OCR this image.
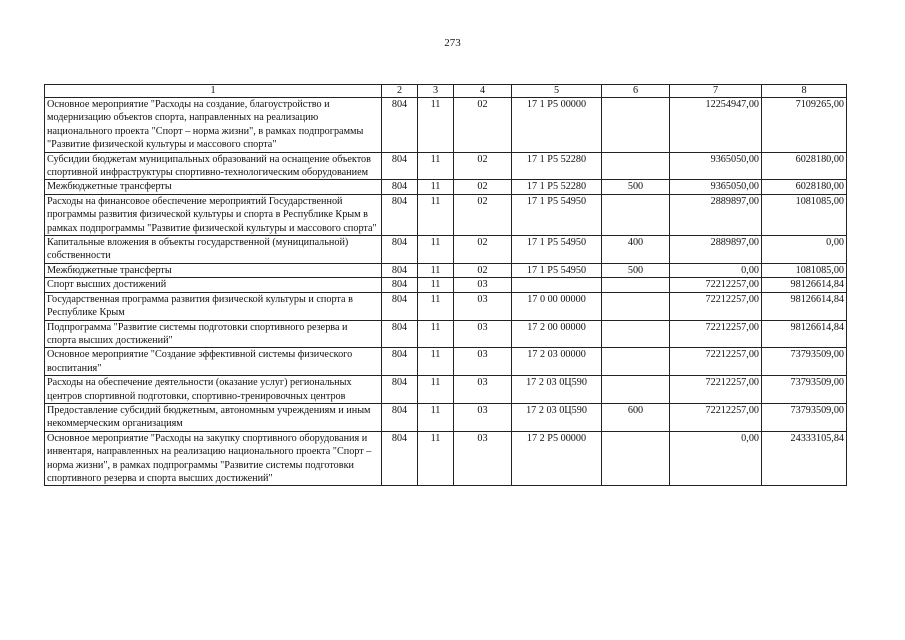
273
1	2	3	4	5	6	7	8
Основное мероприятие "Расходы на создание, благоустройство и модернизацию объектов спорта, направленных на реализацию национального проекта "Спорт – норма жизни", в рамках подпрограммы "Развитие физической культуры и массового спорта"	804	11	02	17 1 P5 00000		12254947,00	7109265,00
Субсидии бюджетам муниципальных образований на оснащение объектов спортивной инфраструктуры спортивно-технологическим оборудованием	804	11	02	17 1 P5 52280		9365050,00	6028180,00
Межбюджетные трансферты	804	11	02	17 1 P5 52280	500	9365050,00	6028180,00
Расходы на финансовое обеспечение мероприятий Государственной программы развития физической культуры и спорта в Республике Крым в рамках подпрограммы "Развитие физической культуры и массового спорта"	804	11	02	17 1 P5 54950		2889897,00	1081085,00
Капитальные вложения в объекты государственной (муниципальной) собственности	804	11	02	17 1 P5 54950	400	2889897,00	0,00
Межбюджетные трансферты	804	11	02	17 1 P5 54950	500	0,00	1081085,00
Спорт высших достижений	804	11	03			72212257,00	98126614,84
Государственная программа развития физической культуры и спорта в Республике Крым	804	11	03	17 0 00 00000		72212257,00	98126614,84
Подпрограмма "Развитие системы подготовки спортивного резерва и спорта высших достижений"	804	11	03	17 2 00 00000		72212257,00	98126614,84
Основное мероприятие "Создание эффективной системы физического воспитания"	804	11	03	17 2 03 00000		72212257,00	73793509,00
Расходы на обеспечение деятельности (оказание услуг) региональных центров спортивной подготовки, спортивно-тренировочных центров	804	11	03	17 2 03 0Ц590		72212257,00	73793509,00
Предоставление субсидий бюджетным, автономным учреждениям и иным некоммерческим организациям	804	11	03	17 2 03 0Ц590	600	72212257,00	73793509,00
Основное мероприятие "Расходы на закупку спортивного оборудования и инвентаря, направленных на реализацию национального проекта "Спорт – норма жизни", в рамках подпрограммы "Развитие системы подготовки спортивного резерва и спорта высших достижений"	804	11	03	17 2 P5 00000		0,00	24333105,84
